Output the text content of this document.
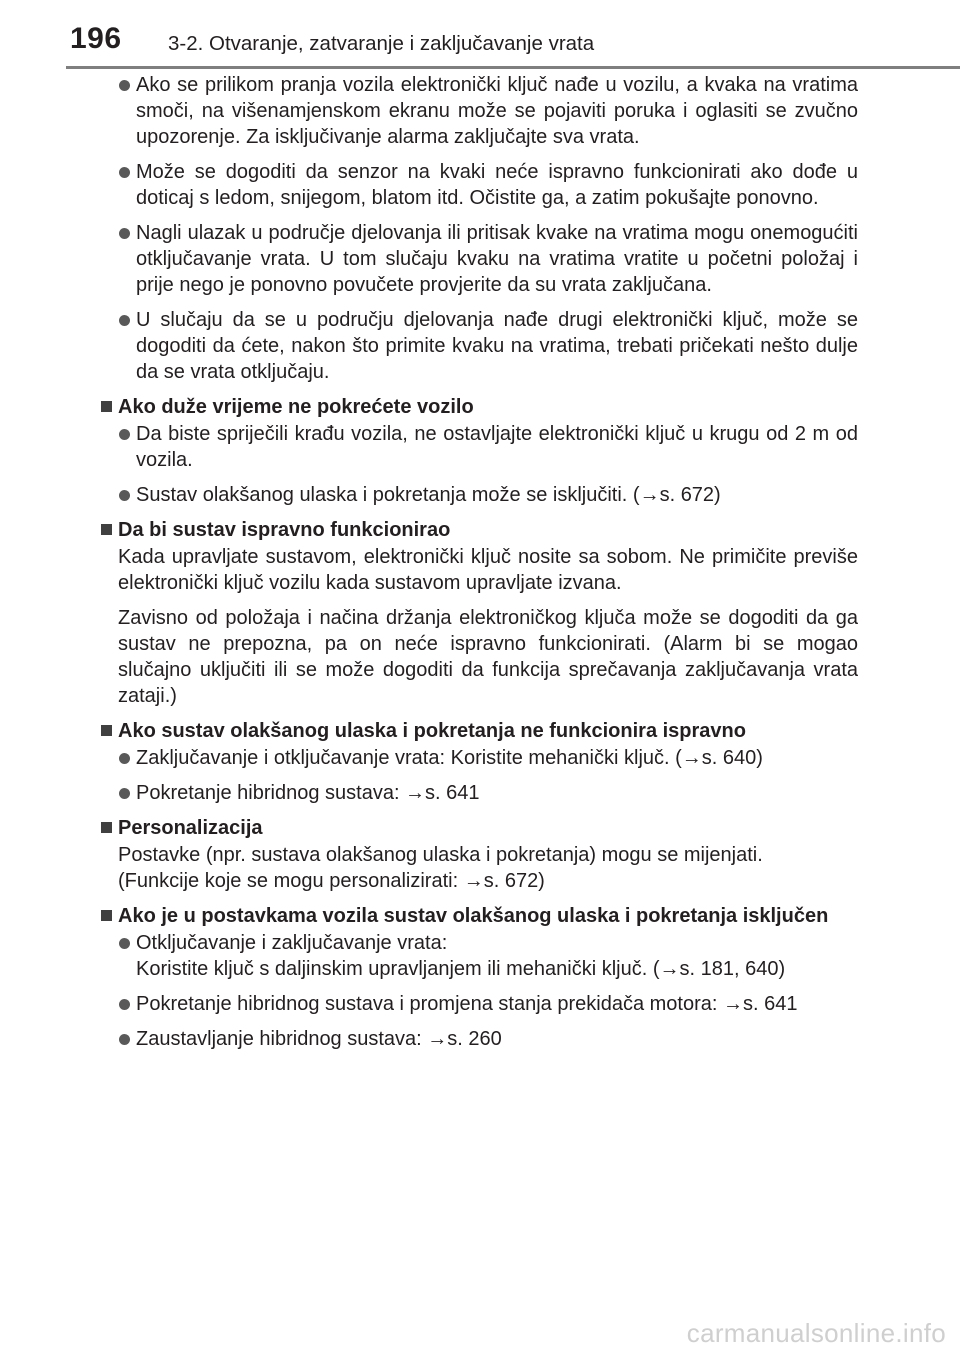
196 3-2. Otvaranje, zatvaranje i zaključavanje vrata
Ako se prilikom pranja vozila elektronički ključ nađe u vozilu, a kvaka na vratima smoči, na višenamjenskom ekranu može se pojaviti poruka i oglasiti se zvučno upozorenje. Za isključivanje alarma zaključajte sva vrata.
Može se dogoditi da senzor na kvaki neće ispravno funkcionirati ako dođe u doticaj s ledom, snijegom, blatom itd. Očistite ga, a zatim pokušajte ponovno.
Nagli ulazak u područje djelovanja ili pritisak kvake na vratima mogu onemogućiti otključavanje vrata. U tom slučaju kvaku na vratima vratite u početni položaj i prije nego je ponovno povučete provjerite da su vrata zaključana.
U slučaju da se u području djelovanja nađe drugi elektronički ključ, može se dogoditi da ćete, nakon što primite kvaku na vratima, trebati pričekati nešto dulje da se vrata otključaju.
Ako duže vrijeme ne pokrećete vozilo
Da biste spriječili krađu vozila, ne ostavljajte elektronički ključ u krugu od 2 m od vozila.
Sustav olakšanog ulaska i pokretanja može se isključiti. (→s. 672)
Da bi sustav ispravno funkcionirao
Kada upravljate sustavom, elektronički ključ nosite sa sobom. Ne primičite previše elektronički ključ vozilu kada sustavom upravljate izvana.
Zavisno od položaja i načina držanja elektroničkog ključa može se dogoditi da ga sustav ne prepozna, pa on neće ispravno funkcionirati. (Alarm bi se mogao slučajno uključiti ili se može dogoditi da funkcija sprečavanja zaključavanja vrata zataji.)
Ako sustav olakšanog ulaska i pokretanja ne funkcionira ispravno
Zaključavanje i otključavanje vrata: Koristite mehanički ključ. (→s. 640)
Pokretanje hibridnog sustava: →s. 641
Personalizacija
Postavke (npr. sustava olakšanog ulaska i pokretanja) mogu se mijenjati.
(Funkcije koje se mogu personalizirati: →s. 672)
Ako je u postavkama vozila sustav olakšanog ulaska i pokretanja isključen
Otključavanje i zaključavanje vrata:
Koristite ključ s daljinskim upravljanjem ili mehanički ključ. (→s. 181, 640)
Pokretanje hibridnog sustava i promjena stanja prekidača motora: →s. 641
Zaustavljanje hibridnog sustava: →s. 260
carmanualsonline.info
